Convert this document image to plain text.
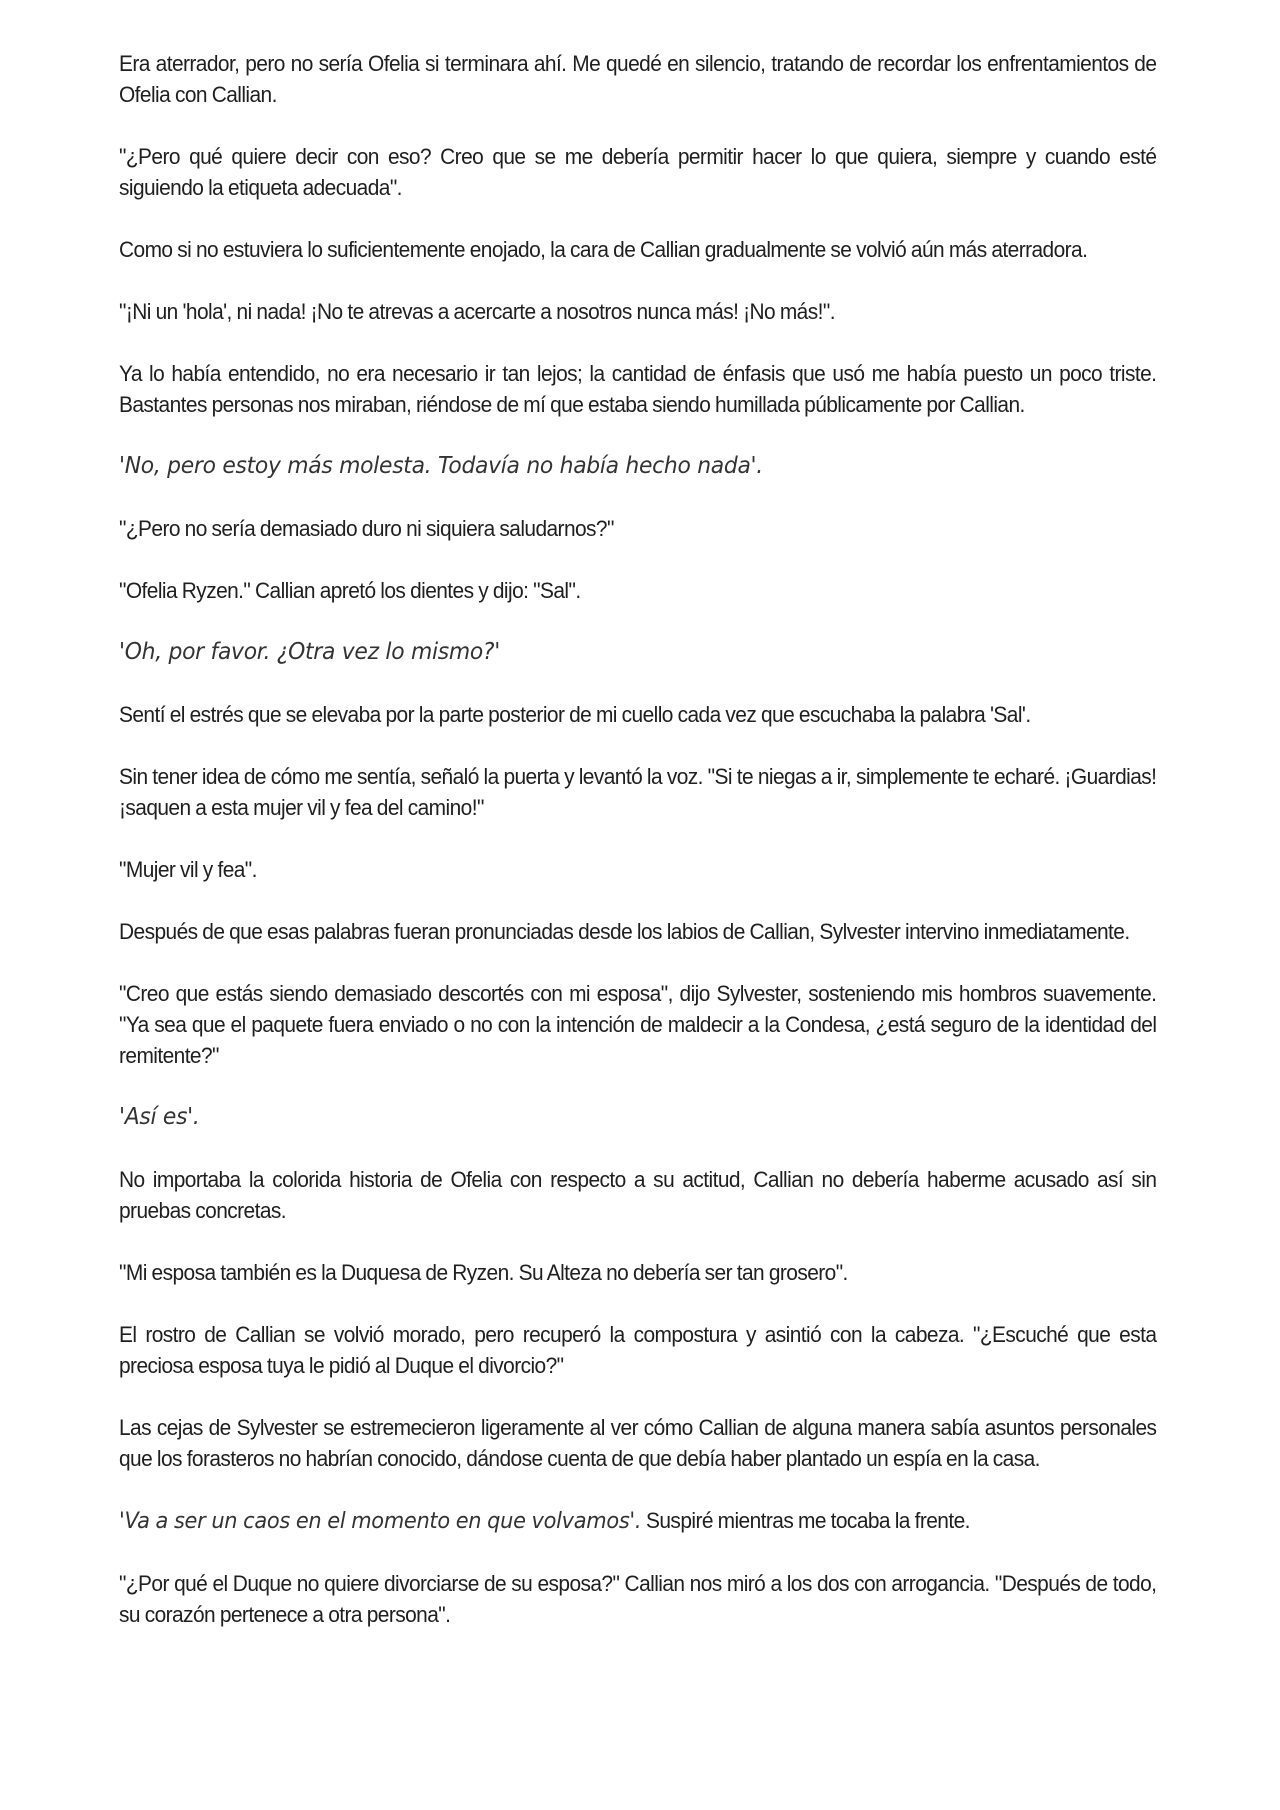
Era aterrador, pero no sería Ofelia si terminara ahí. Me quedé en silencio, tratando de recordar los enfrentamientos de Ofelia con Callian.

"¿Pero qué quiere decir con eso? Creo que se me debería permitir hacer lo que quiera, siempre y cuando esté siguiendo la etiqueta adecuada".

Como si no estuviera lo suficientemente enojado, la cara de Callian gradualmente se volvió aún más aterradora.

"¡Ni un 'hola', ni nada! ¡No te atrevas a acercarte a nosotros nunca más! ¡No más!".

Ya lo había entendido, no era necesario ir tan lejos; la cantidad de énfasis que usó me había puesto un poco triste. Bastantes personas nos miraban, riéndose de mí que estaba siendo humillada públicamente por Callian.

'No, pero estoy más molesta. Todavía no había hecho nada'.

"¿Pero no sería demasiado duro ni siquiera saludarnos?"

"Ofelia Ryzen." Callian apretó los dientes y dijo: "Sal".

'Oh, por favor. ¿Otra vez lo mismo?'

Sentí el estrés que se elevaba por la parte posterior de mi cuello cada vez que escuchaba la palabra 'Sal'.

Sin tener idea de cómo me sentía, señaló la puerta y levantó la voz. "Si te niegas a ir, simplemente te echaré. ¡Guardias! ¡saquen a esta mujer vil y fea del camino!"

"Mujer vil y fea".

Después de que esas palabras fueran pronunciadas desde los labios de Callian, Sylvester intervino inmediatamente.

"Creo que estás siendo demasiado descortés con mi esposa", dijo Sylvester, sosteniendo mis hombros suavemente. "Ya sea que el paquete fuera enviado o no con la intención de maldecir a la Condesa, ¿está seguro de la identidad del remitente?"

'Así es'.

No importaba la colorida historia de Ofelia con respecto a su actitud, Callian no debería haberme acusado así sin pruebas concretas.

"Mi esposa también es la Duquesa de Ryzen. Su Alteza no debería ser tan grosero".

El rostro de Callian se volvió morado, pero recuperó la compostura y asintió con la cabeza. "¿Escuché que esta preciosa esposa tuya le pidió al Duque el divorcio?"

Las cejas de Sylvester se estremecieron ligeramente al ver cómo Callian de alguna manera sabía asuntos personales que los forasteros no habrían conocido, dándose cuenta de que debía haber plantado un espía en la casa.

'Va a ser un caos en el momento en que volvamos'. Suspiré mientras me tocaba la frente.

"¿Por qué el Duque no quiere divorciarse de su esposa?" Callian nos miró a los dos con arrogancia. "Después de todo, su corazón pertenece a otra persona".
